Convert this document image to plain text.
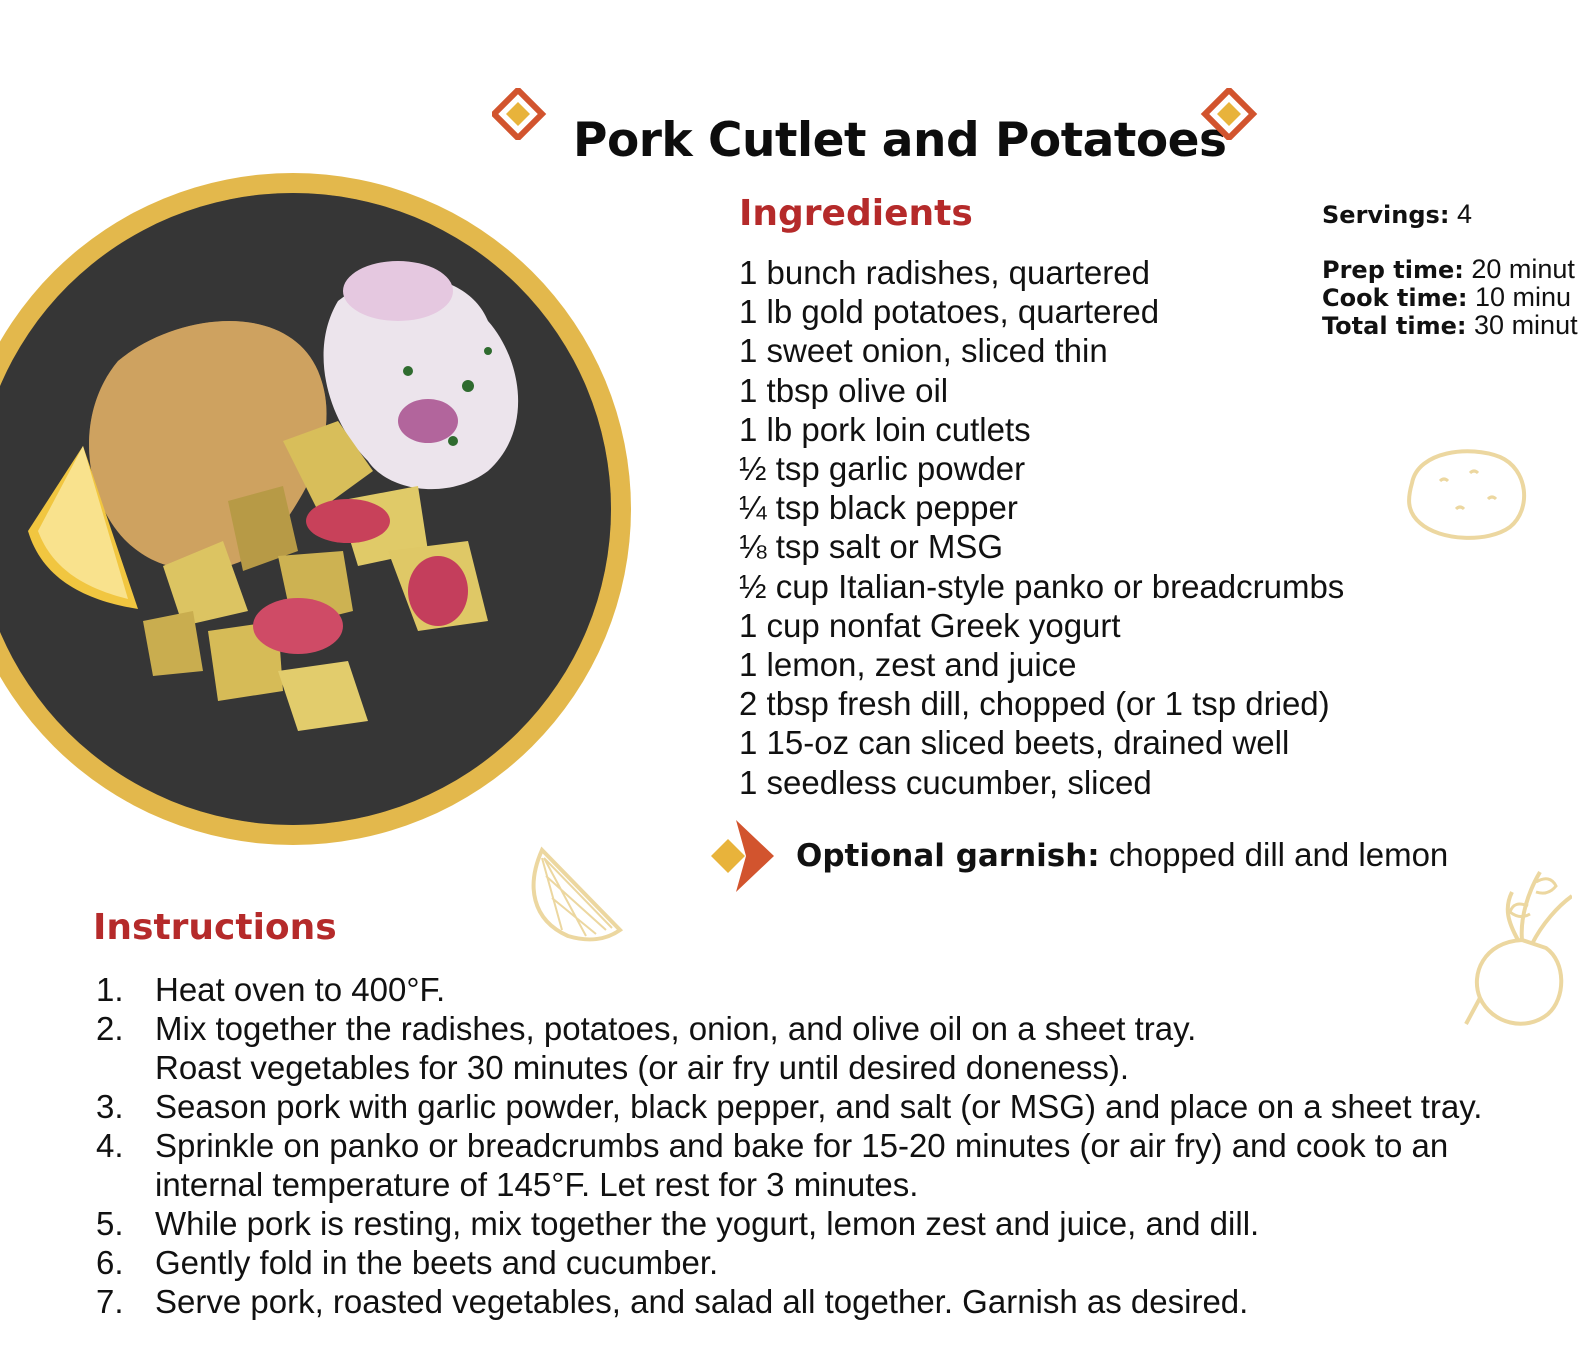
Pork Cutlet and Potatoes
Ingredients
1 bunch radishes, quartered
1 lb gold potatoes, quartered
1 sweet onion, sliced thin
1 tbsp olive oil
1 lb pork loin cutlets
½ tsp garlic powder
¼ tsp black pepper
⅛ tsp salt or MSG
½ cup Italian-style panko or breadcrumbs
1 cup nonfat Greek yogurt
1 lemon, zest and juice
2 tbsp fresh dill, chopped (or 1 tsp dried)
1 15-oz can sliced beets, drained well
1 seedless cucumber, sliced
Servings: 4
Prep time: 20 minut
Cook time: 10 minu
Total time: 30 minut
Optional garnish: chopped dill and lemon
Instructions
1. Heat oven to 400°F.
2. Mix together the radishes, potatoes, onion, and olive oil on a sheet tray. Roast vegetables for 30 minutes (or air fry until desired doneness).
3. Season pork with garlic powder, black pepper, and salt (or MSG) and place on a sheet tray.
4. Sprinkle on panko or breadcrumbs and bake for 15-20 minutes (or air fry) and cook to an internal temperature of 145°F. Let rest for 3 minutes.
5. While pork is resting, mix together the yogurt, lemon zest and juice, and dill.
6. Gently fold in the beets and cucumber.
7. Serve pork, roasted vegetables, and salad all together. Garnish as desired.
